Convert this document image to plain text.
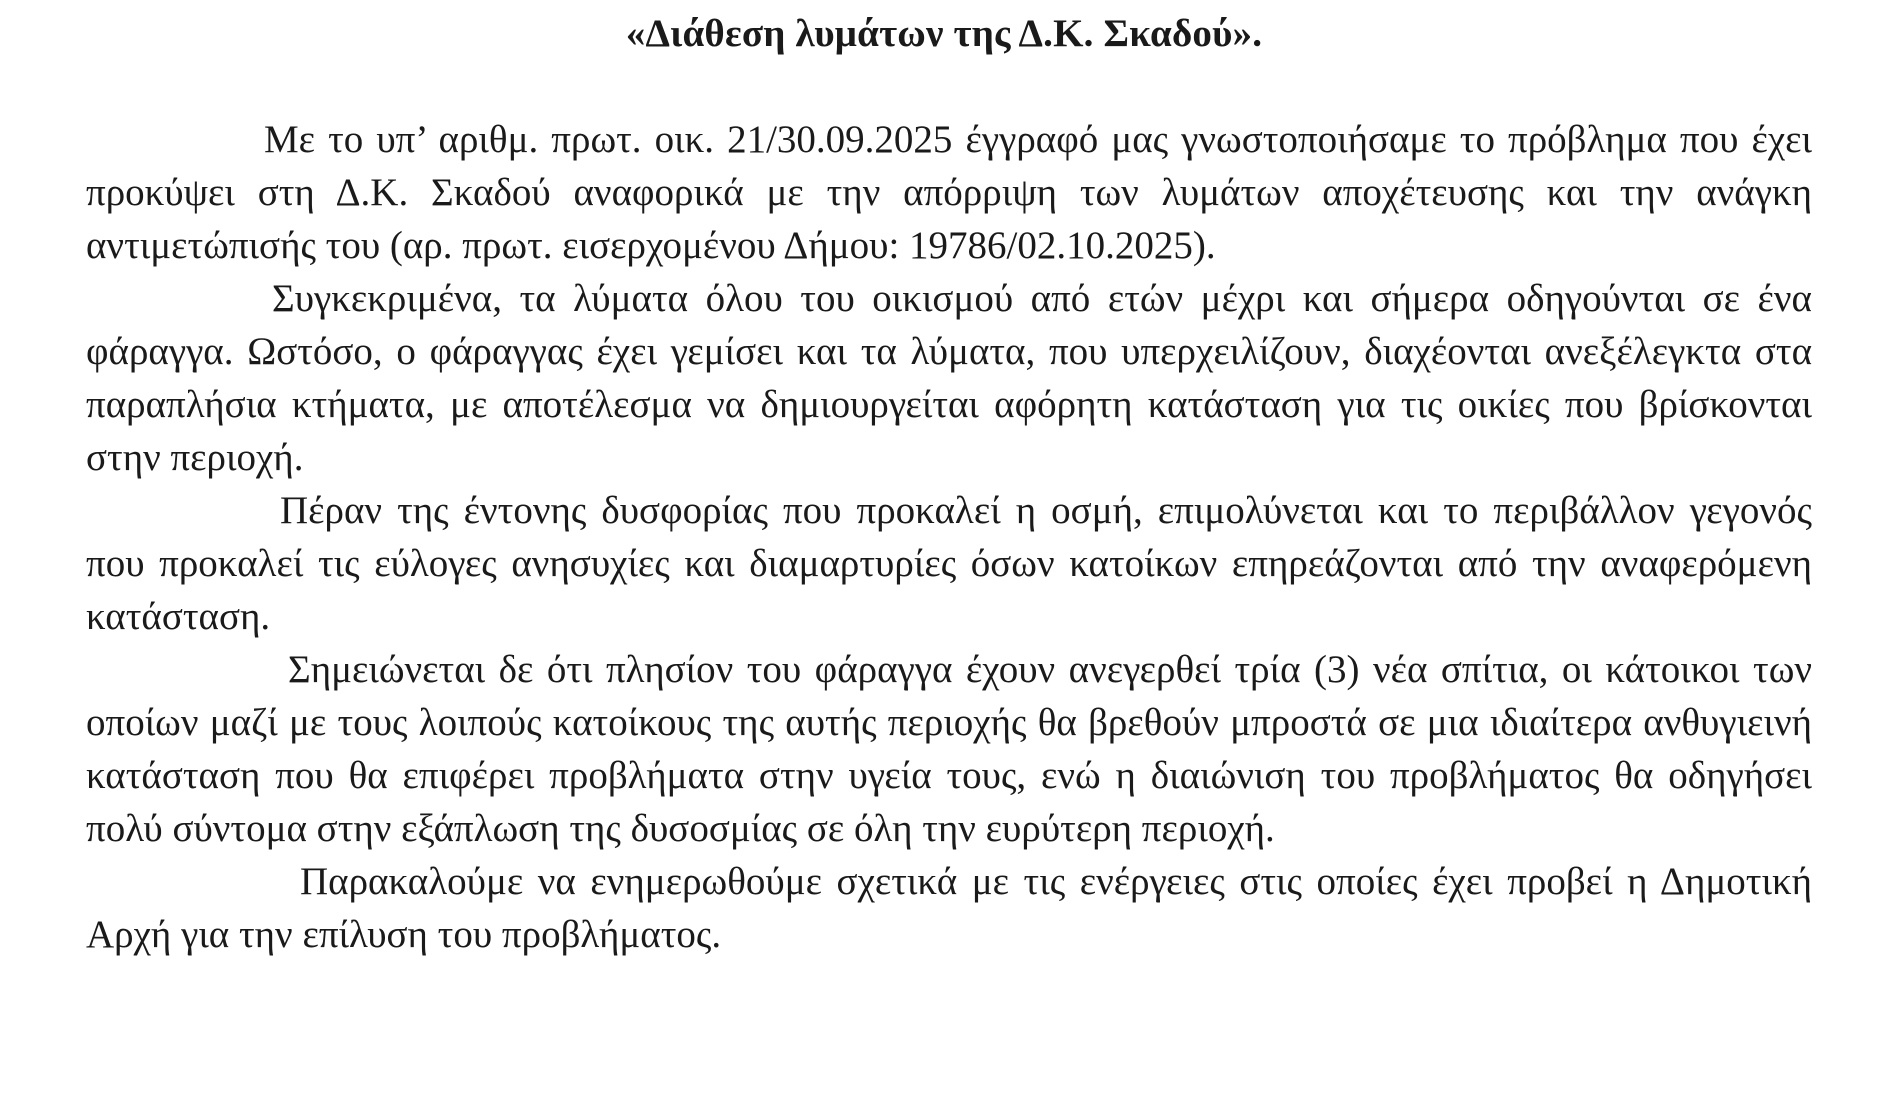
«Διάθεση λυμάτων της Δ.Κ. Σκαδού».

Με το υπ’ αριθμ. πρωτ. οικ. 21/30.09.2025 έγγραφό μας γνωστοποιήσαμε το πρόβλημα που έχει προκύψει στη Δ.Κ. Σκαδού αναφορικά με την απόρριψη των λυμάτων αποχέτευσης και την ανάγκη αντιμετώπισής του (αρ. πρωτ. εισερχομένου Δήμου: 19786/02.10.2025).

Συγκεκριμένα, τα λύματα όλου του οικισμού από ετών μέχρι και σήμερα οδηγούνται σε ένα φάραγγα. Ωστόσο, ο φάραγγας έχει γεμίσει και τα λύματα, που υπερχειλίζουν, διαχέονται ανεξέλεγκτα στα παραπλήσια κτήματα, με αποτέλεσμα να δημιουργείται αφόρητη κατάσταση για τις οικίες που βρίσκονται στην περιοχή.

Πέραν της έντονης δυσφορίας που προκαλεί η οσμή, επιμολύνεται και το περιβάλλον γεγονός που προκαλεί τις εύλογες ανησυχίες και διαμαρτυρίες όσων κατοίκων επηρεάζονται από την αναφερόμενη κατάσταση.

Σημειώνεται δε ότι πλησίον του φάραγγα έχουν ανεγερθεί τρία (3) νέα σπίτια, οι κάτοικοι των οποίων μαζί με τους λοιπούς κατοίκους της αυτής περιοχής θα βρεθούν μπροστά σε μια ιδιαίτερα ανθυγιεινή κατάσταση που θα επιφέρει προβλήματα στην υγεία τους, ενώ η διαιώνιση του προβλήματος θα οδηγήσει πολύ σύντομα στην εξάπλωση της δυσοσμίας σε όλη την ευρύτερη περιοχή.

Παρακαλούμε να ενημερωθούμε σχετικά με τις ενέργειες στις οποίες έχει προβεί η Δημοτική Αρχή για την επίλυση του προβλήματος.
